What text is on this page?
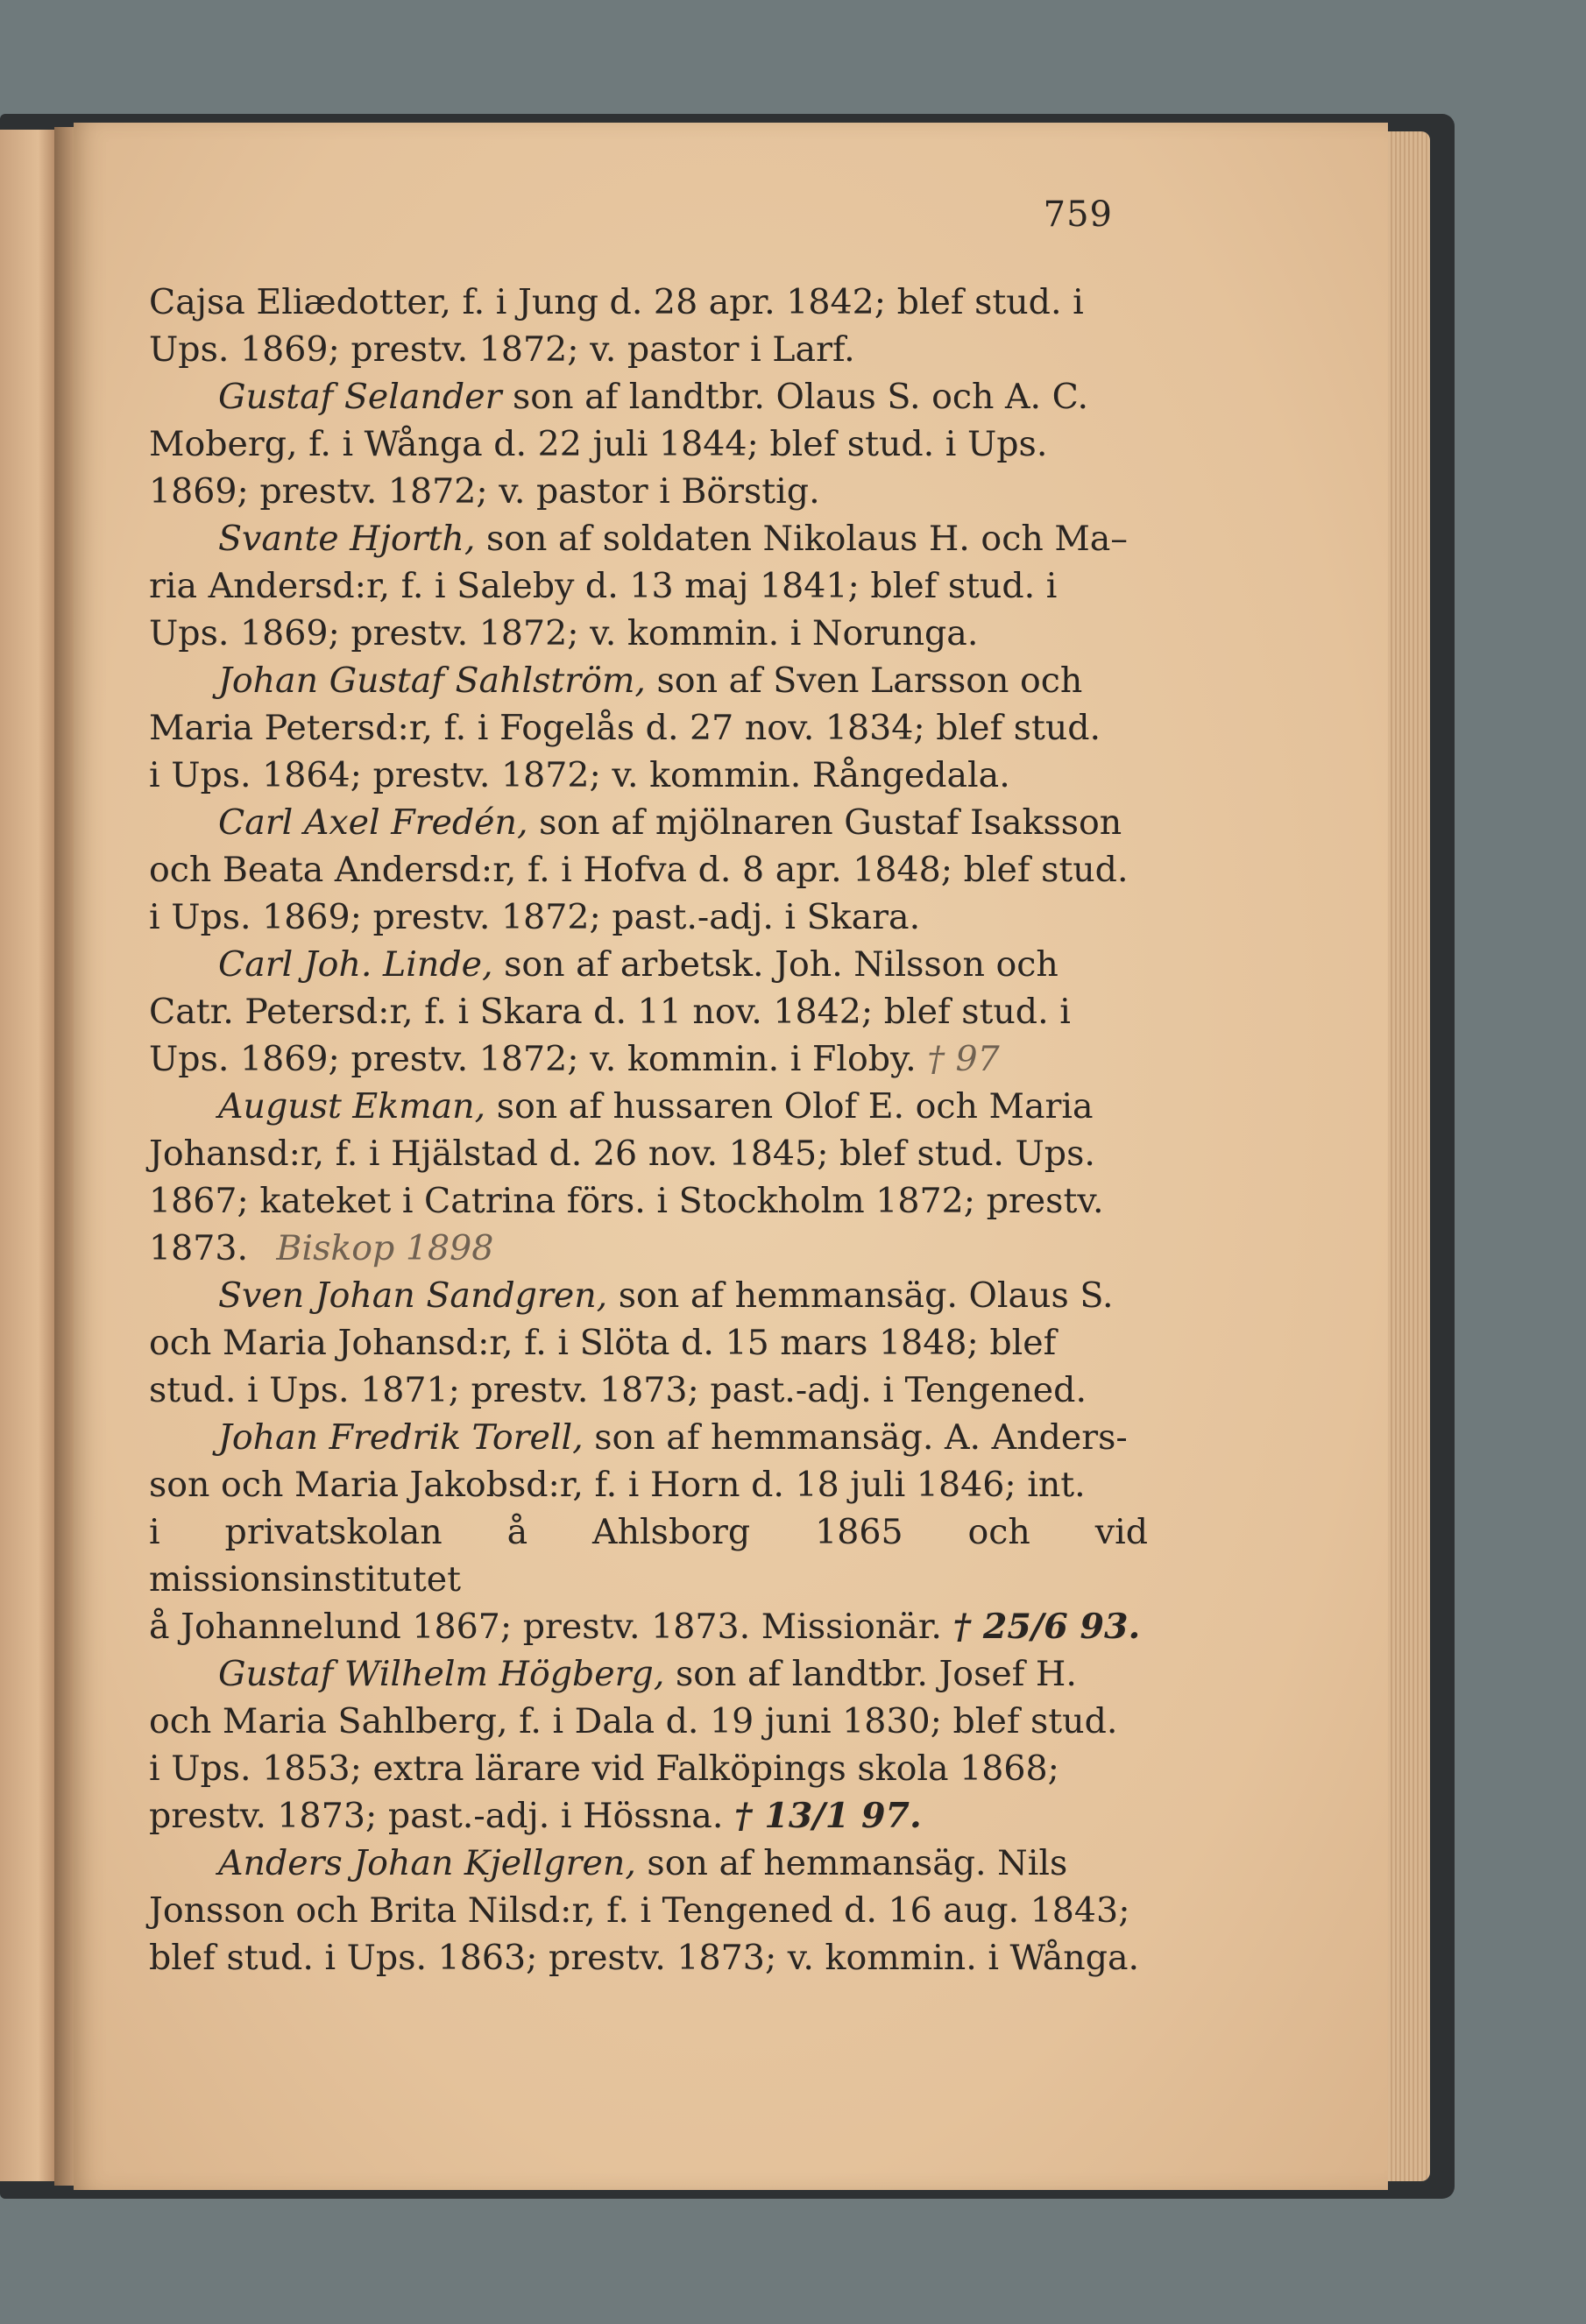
759

Cajsa Eliædotter, f. i Jung d. 28 apr. 1842; blef stud. i
Ups. 1869; prestv. 1872; v. pastor i Larf.

  Gustaf Selander son af landtbr. Olaus S. och A. C.
Moberg, f. i Wånga d. 22 juli 1844; blef stud. i Ups.
1869; prestv. 1872; v. pastor i Börstig.

  Svante Hjorth, son af soldaten Nikolaus H. och Ma–
ria Andersd:r, f. i Saleby d. 13 maj 1841; blef stud. i
Ups. 1869; prestv. 1872; v. kommin. i Norunga.

  Johan Gustaf Sahlström, son af Sven Larsson och
Maria Petersd:r, f. i Fogelås d. 27 nov. 1834; blef stud.
i Ups. 1864; prestv. 1872; v. kommin. Rångedala.

  Carl Axel Fredén, son af mjölnaren Gustaf Isaksson
och Beata Andersd:r, f. i Hofva d. 8 apr. 1848; blef stud.
i Ups. 1869; prestv. 1872; past.-adj. i Skara.

  Carl Joh. Linde, son af arbetsk. Joh. Nilsson och
Catr. Petersd:r, f. i Skara d. 11 nov. 1842; blef stud. i
Ups. 1869; prestv. 1872; v. kommin. i Floby. † 97

  August Ekman, son af hussaren Olof E. och Maria
Johansd:r, f. i Hjälstad d. 26 nov. 1845; blef stud. Ups.
1867; kateket i Catrina förs. i Stockholm 1872; prestv.
1873.   Biskop 1898

  Sven Johan Sandgren, son af hemmansäg. Olaus S.
och Maria Johansd:r, f. i Slöta d. 15 mars 1848; blef
stud. i Ups. 1871; prestv. 1873; past.-adj. i Tengened.

  Johan Fredrik Torell, son af hemmansäg. A. Anders-
son och Maria Jakobsd:r, f. i Horn d. 18 juli 1846; int.
i privatskolan å Ahlsborg 1865 och vid missionsinstitutet
å Johannelund 1867; prestv. 1873. Missionär. † 25/6 93.

  Gustaf Wilhelm Högberg, son af landtbr. Josef H.
och Maria Sahlberg, f. i Dala d. 19 juni 1830; blef stud.
i Ups. 1853; extra lärare vid Falköpings skola 1868;
prestv. 1873; past.-adj. i Hössna. † 13/1 97.

  Anders Johan Kjellgren, son af hemmansäg. Nils
Jonsson och Brita Nilsd:r, f. i Tengened d. 16 aug. 1843;
blef stud. i Ups. 1863; prestv. 1873; v. kommin. i Wånga.
